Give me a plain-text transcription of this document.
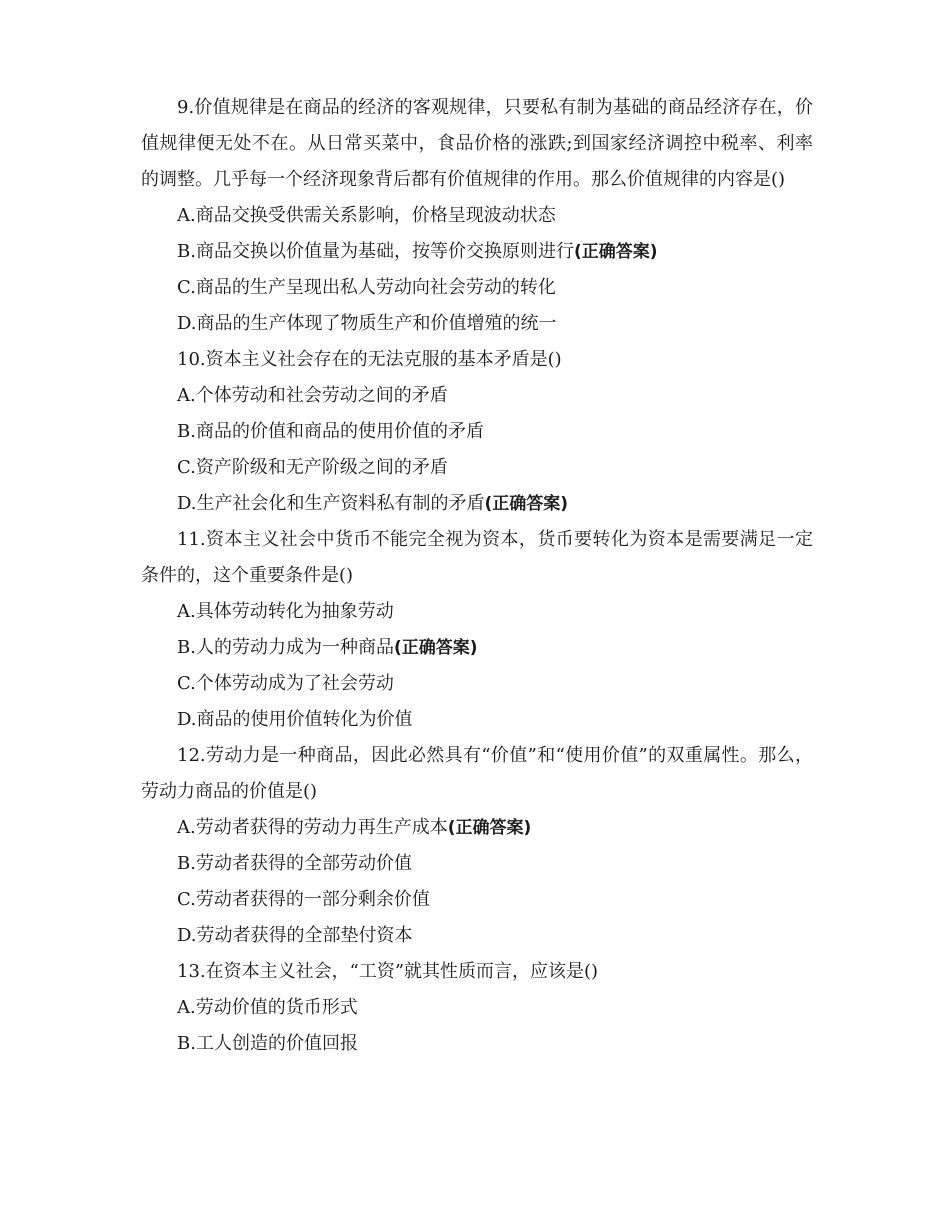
9.价值规律是在商品的经济的客观规律，只要私有制为基础的商品经济存在，价值规律便无处不在。从日常买菜中，食品价格的涨跌;到国家经济调控中税率、利率的调整。几乎每一个经济现象背后都有价值规律的作用。那么价值规律的内容是()
A.商品交换受供需关系影响，价格呈现波动状态
B.商品交换以价值量为基础，按等价交换原则进行(正确答案)
C.商品的生产呈现出私人劳动向社会劳动的转化
D.商品的生产体现了物质生产和价值增殖的统一
10.资本主义社会存在的无法克服的基本矛盾是()
A.个体劳动和社会劳动之间的矛盾
B.商品的价值和商品的使用价值的矛盾
C.资产阶级和无产阶级之间的矛盾
D.生产社会化和生产资料私有制的矛盾(正确答案)
11.资本主义社会中货币不能完全视为资本，货币要转化为资本是需要满足一定条件的，这个重要条件是()
A.具体劳动转化为抽象劳动
B.人的劳动力成为一种商品(正确答案)
C.个体劳动成为了社会劳动
D.商品的使用价值转化为价值
12.劳动力是一种商品，因此必然具有“价值”和“使用价值”的双重属性。那么，劳动力商品的价值是()
A.劳动者获得的劳动力再生产成本(正确答案)
B.劳动者获得的全部劳动价值
C.劳动者获得的一部分剩余价值
D.劳动者获得的全部垫付资本
13.在资本主义社会，“工资”就其性质而言，应该是()
A.劳动价值的货币形式
B.工人创造的价值回报
